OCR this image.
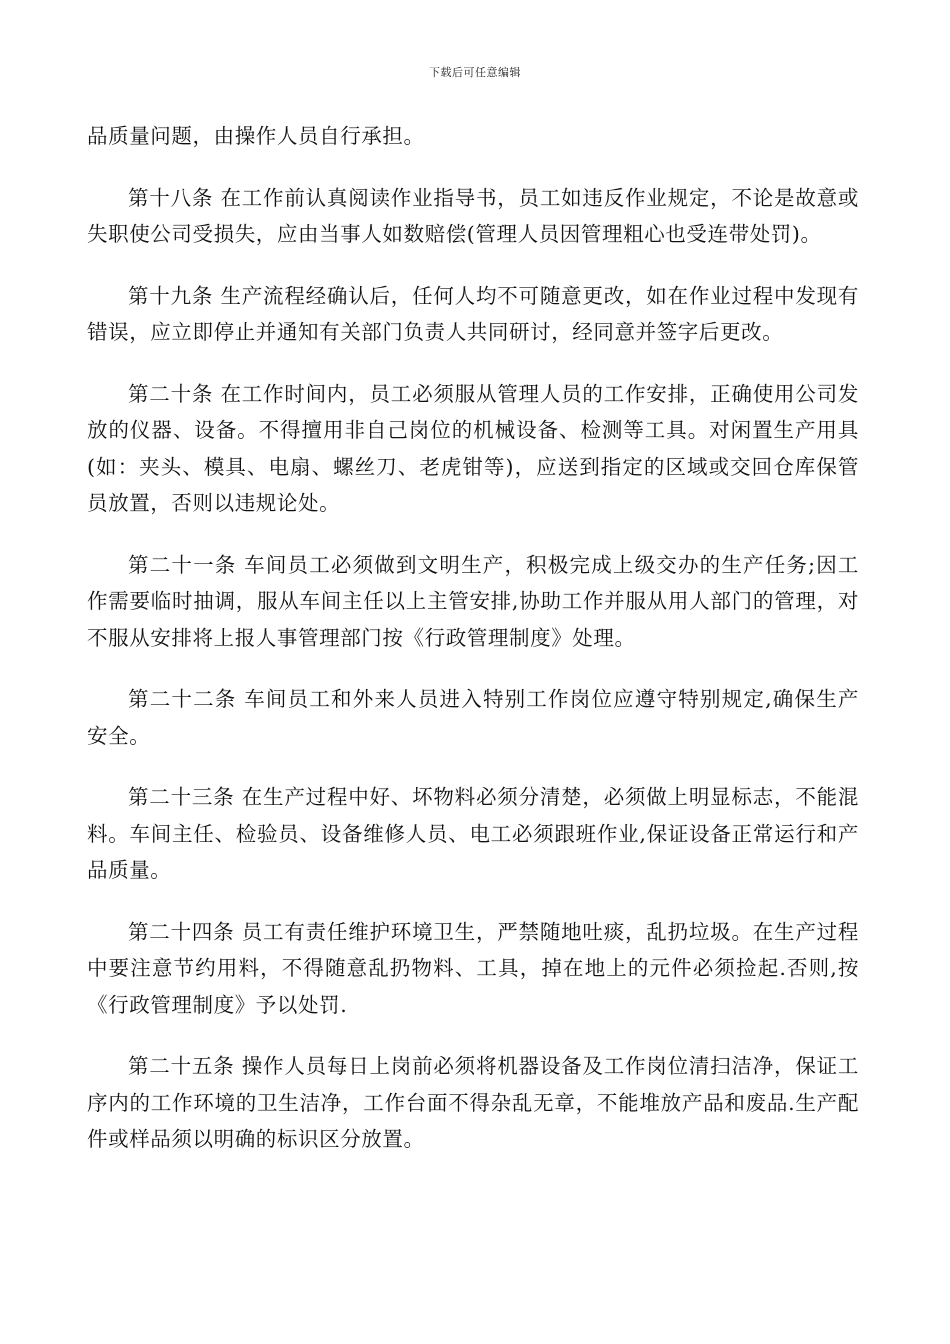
下载后可任意编辑

品质量问题，由操作人员自行承担。

第十八条 在工作前认真阅读作业指导书，员工如违反作业规定，不论是故意或失职使公司受损失，应由当事人如数赔偿(管理人员因管理粗心也受连带处罚)。

第十九条 生产流程经确认后，任何人均不可随意更改，如在作业过程中发现有错误，应立即停止并通知有关部门负责人共同研讨，经同意并签字后更改。

第二十条 在工作时间内，员工必须服从管理人员的工作安排，正确使用公司发放的仪器、设备。不得擅用非自己岗位的机械设备、检测等工具。对闲置生产用具(如：夹头、模具、电扇、螺丝刀、老虎钳等)，应送到指定的区域或交回仓库保管员放置，否则以违规论处。

第二十一条 车间员工必须做到文明生产，积极完成上级交办的生产任务;因工作需要临时抽调，服从车间主任以上主管安排,协助工作并服从用人部门的管理，对不服从安排将上报人事管理部门按《行政管理制度》处理。

第二十二条 车间员工和外来人员进入特别工作岗位应遵守特别规定,确保生产安全。

第二十三条 在生产过程中好、坏物料必须分清楚，必须做上明显标志，不能混料。车间主任、检验员、设备维修人员、电工必须跟班作业,保证设备正常运行和产品质量。

第二十四条 员工有责任维护环境卫生，严禁随地吐痰，乱扔垃圾。在生产过程中要注意节约用料，不得随意乱扔物料、工具，掉在地上的元件必须捡起.否则,按《行政管理制度》予以处罚.

第二十五条 操作人员每日上岗前必须将机器设备及工作岗位清扫洁净，保证工序内的工作环境的卫生洁净，工作台面不得杂乱无章，不能堆放产品和废品.生产配件或样品须以明确的标识区分放置。
